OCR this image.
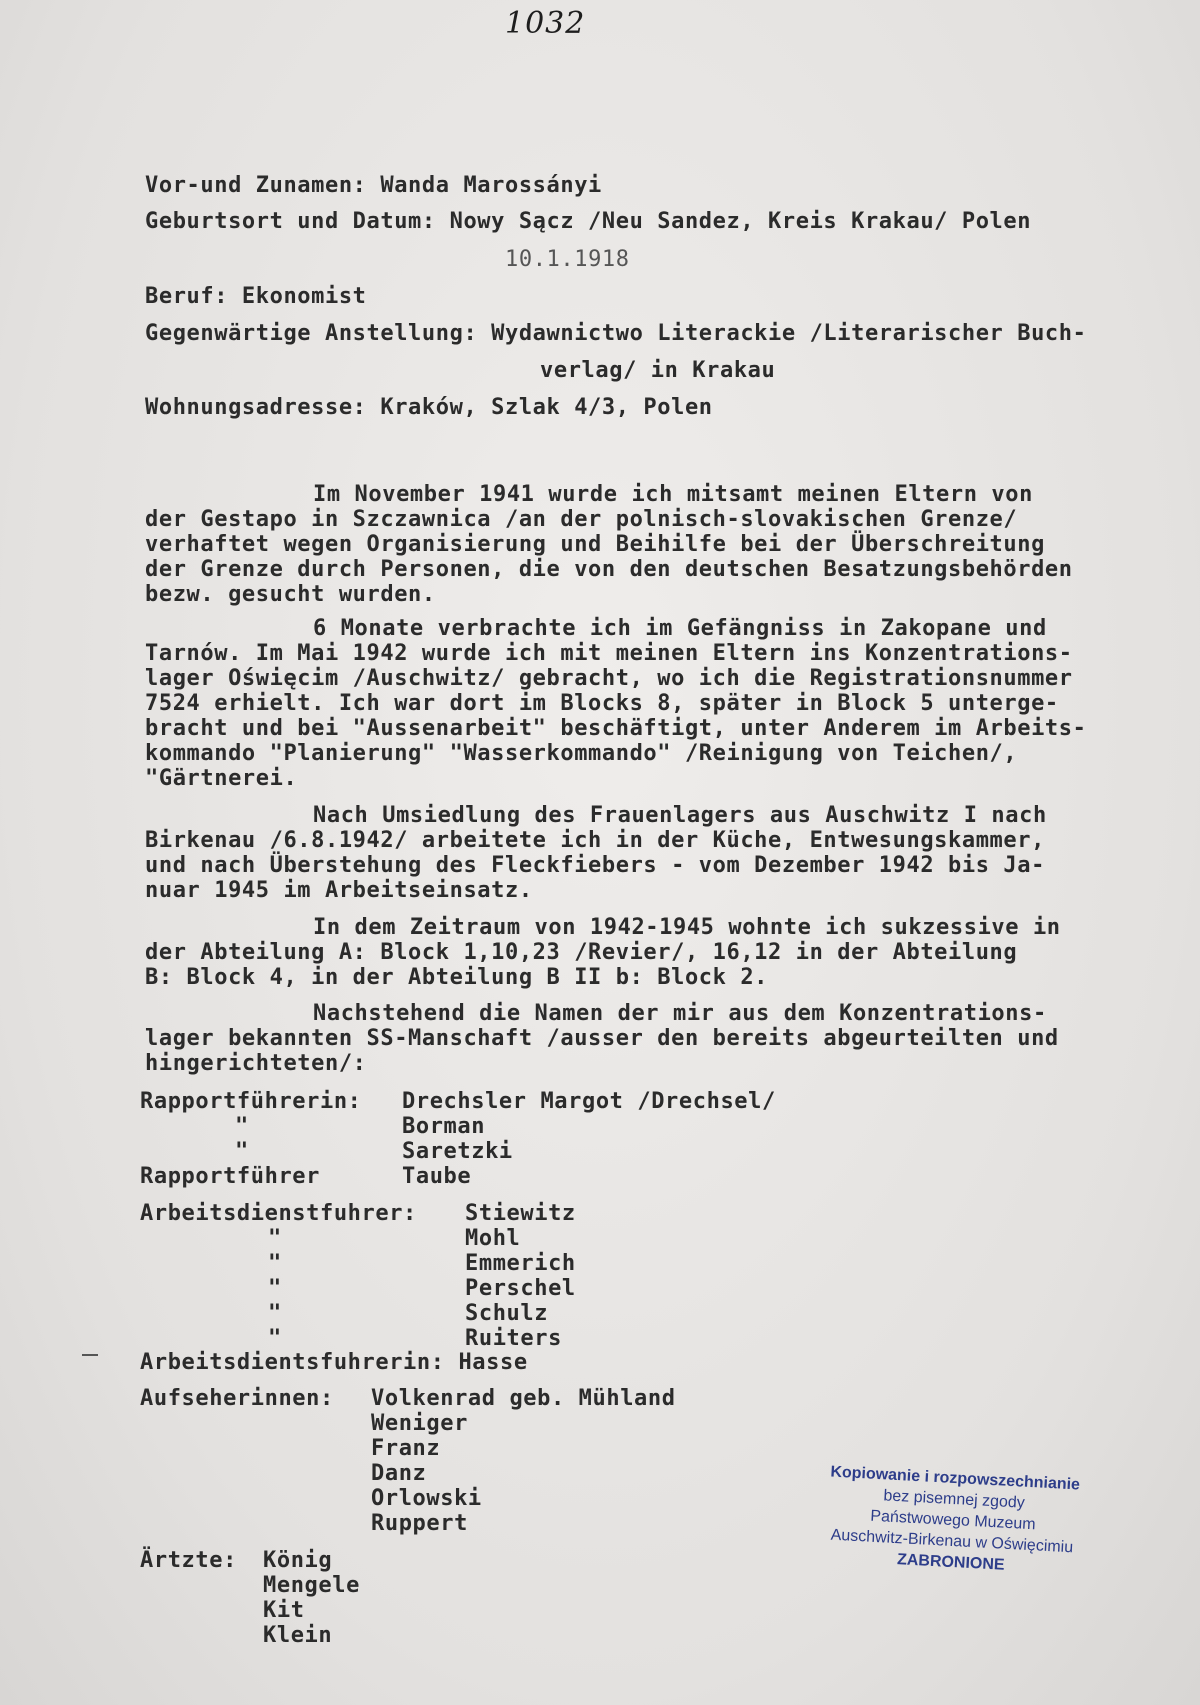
1032
Vor-und Zunamen: Wanda Marossányi
Geburtsort und Datum: Nowy Sącz /Neu Sandez, Kreis Krakau/ Polen
10.1.1918
Beruf: Ekonomist
Gegenwärtige Anstellung: Wydawnictwo Literackie /Literarischer Buch-
verlag/ in Krakau
Wohnungsadresse: Kraków, Szlak 4/3, Polen
Im November 1941 wurde ich mitsamt meinen Eltern von
der Gestapo in Szczawnica /an der polnisch-slovakischen Grenze/
verhaftet wegen Organisierung und Beihilfe bei der Überschreitung
der Grenze durch Personen, die von den deutschen Besatzungsbehörden
bezw. gesucht wurden.
6 Monate verbrachte ich im Gefängniss in Zakopane und
Tarnów. Im Mai 1942 wurde ich mit meinen Eltern ins Konzentrations-
lager Oświęcim /Auschwitz/ gebracht, wo ich die Registrationsnummer
7524 erhielt. Ich war dort im Blocks 8, später in Block 5 unterge-
bracht und bei "Aussenarbeit" beschäftigt, unter Anderem im Arbeits-
kommando "Planierung" "Wasserkommando" /Reinigung von Teichen/,
"Gärtnerei.
Nach Umsiedlung des Frauenlagers aus Auschwitz I nach
Birkenau /6.8.1942/ arbeitete ich in der Küche, Entwesungskammer,
und nach Überstehung des Fleckfiebers - vom Dezember 1942 bis Ja-
nuar 1945 im Arbeitseinsatz.
In dem Zeitraum von 1942-1945 wohnte ich sukzessive in
der Abteilung A: Block 1,10,23 /Revier/, 16,12 in der Abteilung
B: Block 4, in der Abteilung B II b: Block 2.
Nachstehend die Namen der mir aus dem Konzentrations-
lager bekannten SS-Manschaft /ausser den bereits abgeurteilten und
hingerichteten/:
Rapportführerin: Drechsler Margot /Drechsel/
"	Borman
"	Saretzki
Rapportführer	Taube
Arbeitsdienstfuhrer: Stiewitz
"	Mohl
"	Emmerich
"	Perschel
"	Schulz
"	Ruiters
Arbeitsdientsfuhrerin: Hasse
Aufseherinnen: Volkenrad geb. Mühland
Weniger
Franz
Danz
Orlowski
Ruppert
Ärtzte: König
Mengele
Kit
Klein
Kopiowanie i rozpowszechnianie
bez pisemnej zgody
Państwowego Muzeum
Auschwitz-Birkenau w Oświęcimiu
ZABRONIONE
